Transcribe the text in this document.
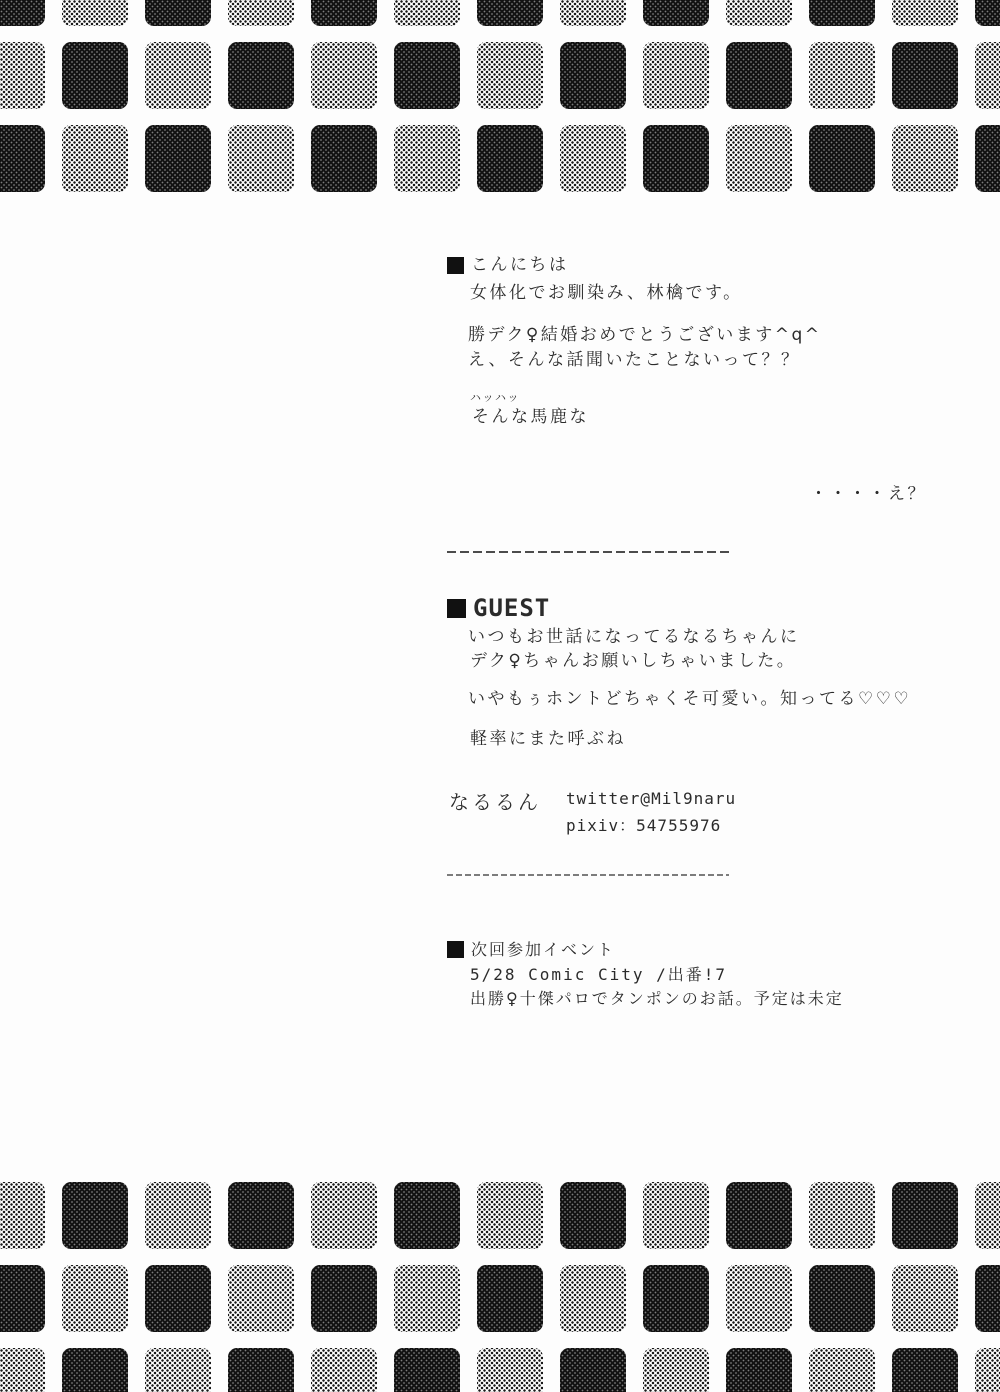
こんにちは
女体化でお馴染み、林檎です。
勝デク♀結婚おめでとうございます^q^
え、そんな話聞いたことないって？？
ハッハッ
そんな馬鹿な
・・・・え？
GUEST
いつもお世話になってるなるちゃんに
デク♀ちゃんお願いしちゃいました。
いやもぅホントどちゃくそ可愛い。知ってる♡♡♡
軽率にまた呼ぶね
なるるん twitter@Mil9naru
pixiv：54755976
次回参加イベント
5/28 Comic City /出番!7
出勝♀十傑パロでタンポンのお話。予定は未定
